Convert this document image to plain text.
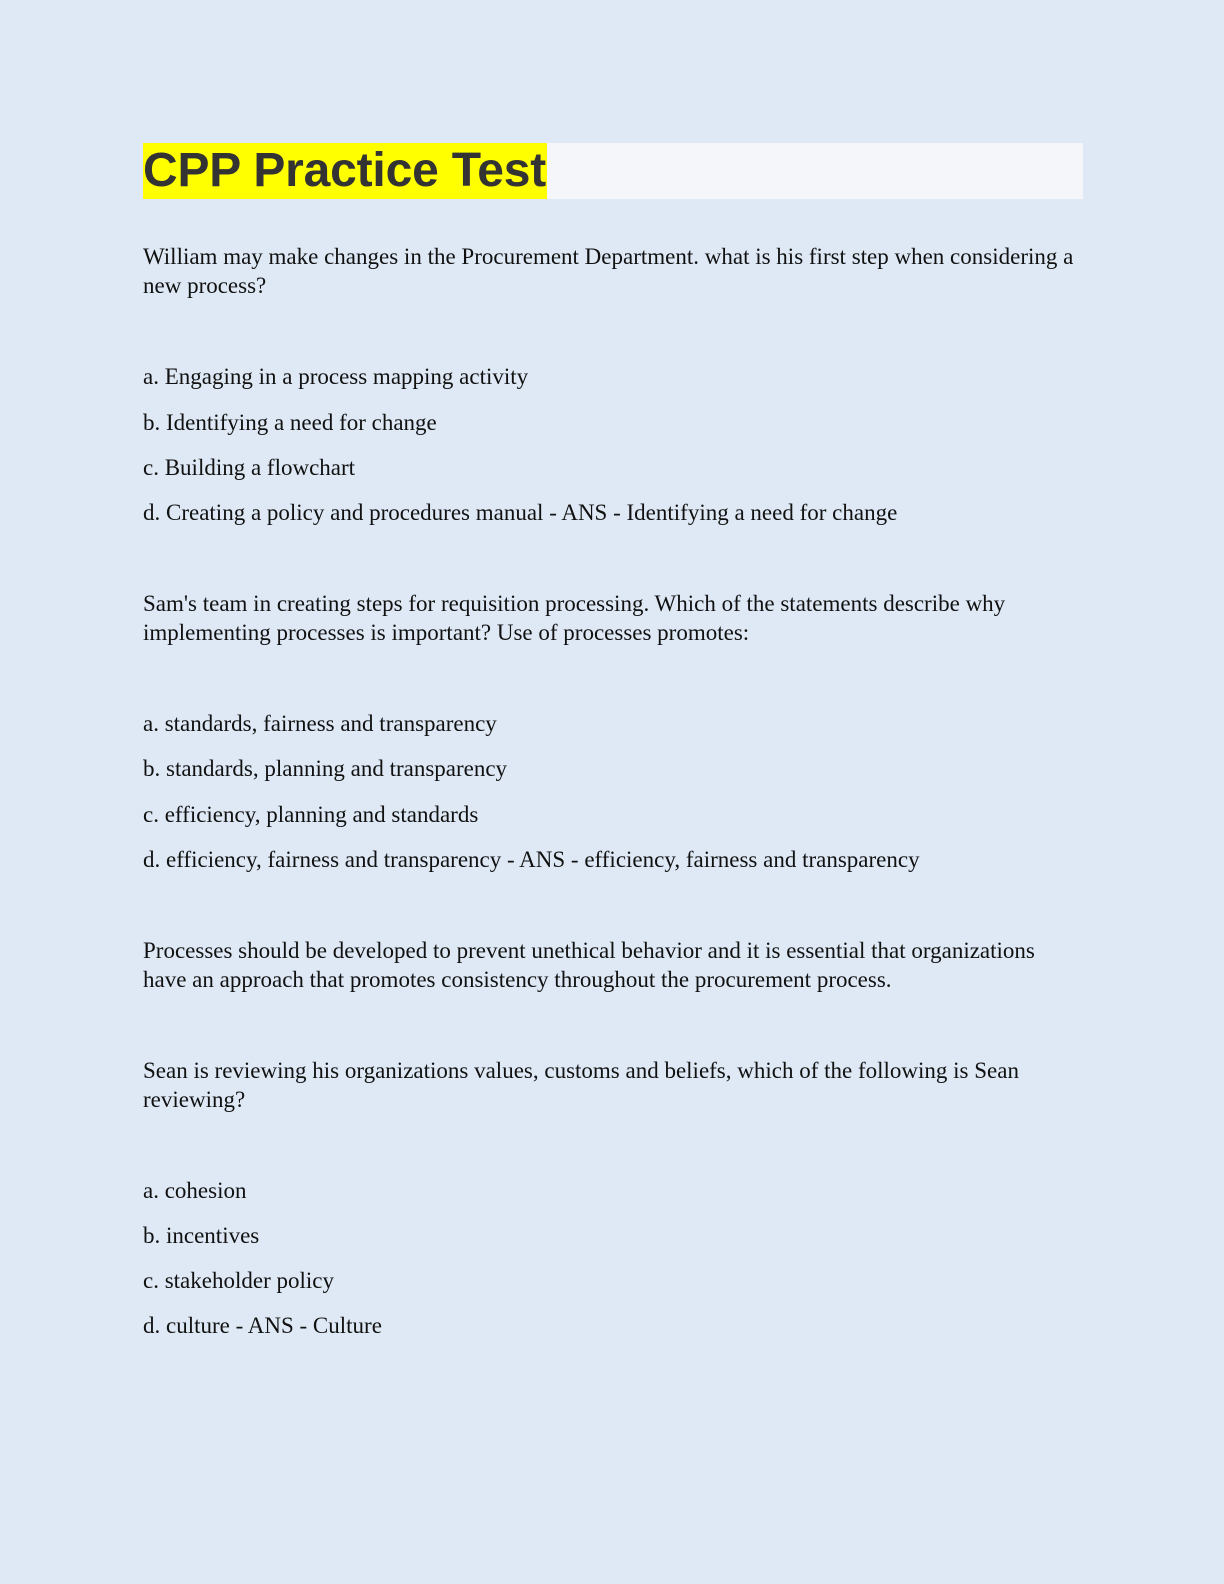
CPP Practice Test

William may make changes in the Procurement Department. what is his first step when considering a new process?

a. Engaging in a process mapping activity
b. Identifying a need for change
c. Building a flowchart
d. Creating a policy and procedures manual - ANS - Identifying a need for change

Sam's team in creating steps for requisition processing. Which of the statements describe why implementing processes is important? Use of processes promotes:

a. standards, fairness and transparency
b. standards, planning and transparency
c. efficiency, planning and standards
d. efficiency, fairness and transparency - ANS - efficiency, fairness and transparency

Processes should be developed to prevent unethical behavior and it is essential that organizations have an approach that promotes consistency throughout the procurement process.

Sean is reviewing his organizations values, customs and beliefs, which of the following is Sean reviewing?

a. cohesion
b. incentives
c. stakeholder policy
d. culture - ANS - Culture
